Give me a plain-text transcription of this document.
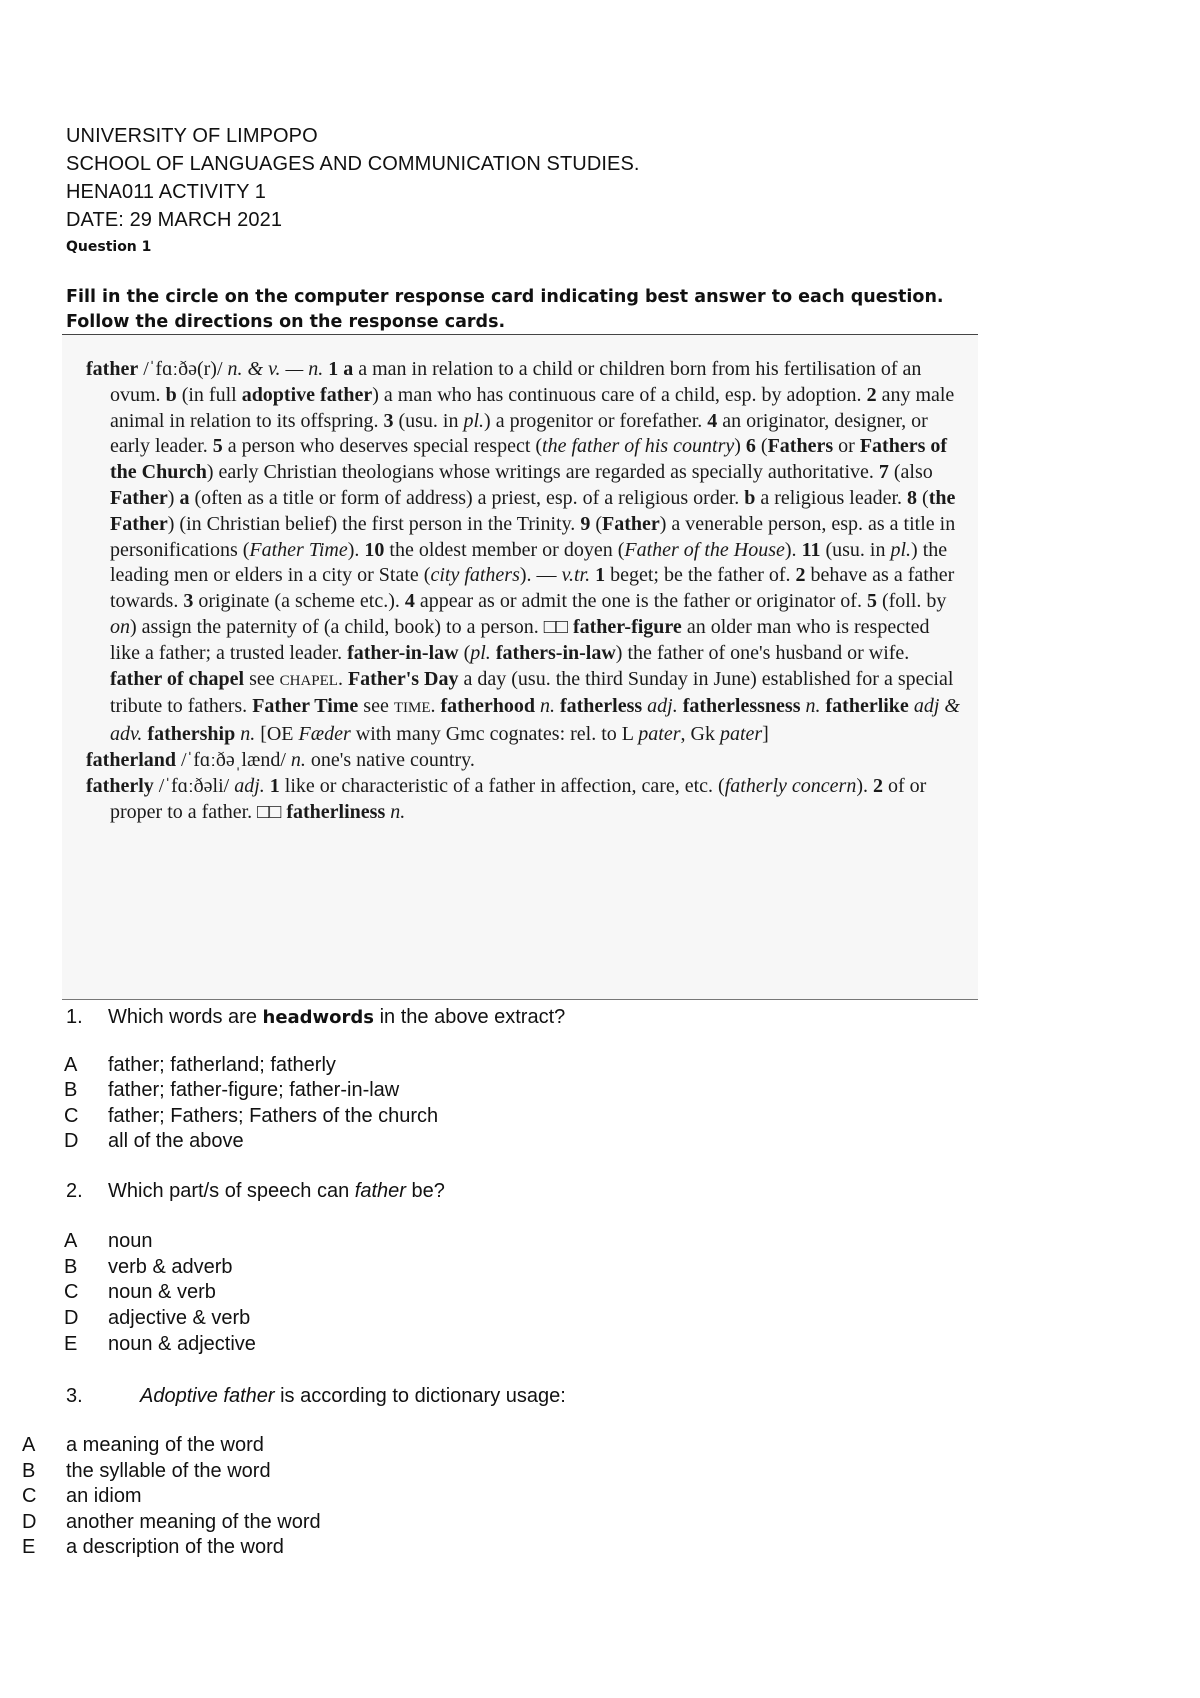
UNIVERSITY OF LIMPOPO
SCHOOL OF LANGUAGES AND COMMUNICATION STUDIES.
HENA011 ACTIVITY 1
DATE: 29 MARCH 2021
Question 1
Fill in the circle on the computer response card indicating best answer to each question.
Follow the directions on the response cards.

father /ˈfɑːðə(r)/ n. & v. — n. 1 a a man in relation to a child or children born from his fertilisation of an ovum. b (in full adoptive father) a man who has continuous care of a child, esp. by adoption. 2 any male animal in relation to its offspring. 3 (usu. in pl.) a progenitor or forefather. 4 an originator, designer, or early leader. 5 a person who deserves special respect (the father of his country) 6 (Fathers or Fathers of the Church) early Christian theologians whose writings are regarded as specially authoritative. 7 (also Father) a (often as a title or form of address) a priest, esp. of a religious order. b a religious leader. 8 (the Father) (in Christian belief) the first person in the Trinity. 9 (Father) a venerable person, esp. as a title in personifications (Father Time). 10 the oldest member or doyen (Father of the House). 11 (usu. in pl.) the leading men or elders in a city or State (city fathers). — v.tr. 1 beget; be the father of. 2 behave as a father towards. 3 originate (a scheme etc.). 4 appear as or admit the one is the father or originator of. 5 (foll. by on) assign the paternity of (a child, book) to a person. □□ father-figure an older man who is respected like a father; a trusted leader. father-in-law (pl. fathers-in-law) the father of one's husband or wife. father of chapel see CHAPEL. Father's Day a day (usu. the third Sunday in June) established for a special tribute to fathers. Father Time see TIME. fatherhood n. fatherless adj. fatherlessness n. fatherlike adj & adv. fathership n. [OE Fæder with many Gmc cognates: rel. to L pater, Gk pater]

fatherland /ˈfɑːðəˌlænd/ n. one's native country.

fatherly /ˈfɑːðəli/ adj. 1 like or characteristic of a father in affection, care, etc. (fatherly concern). 2 of or proper to a father. □□ fatherliness n.

1. Which words are headwords in the above extract?
A father; fatherland; fatherly
B father; father-figure; father-in-law
C father; Fathers; Fathers of the church
D all of the above
2. Which part/s of speech can father be?
A noun
B verb & adverb
C noun & verb
D adjective & verb
E noun & adjective
3.	Adoptive father is according to dictionary usage:
A a meaning of the word
B the syllable of the word
C an idiom
D another meaning of the word
E a description of the word
